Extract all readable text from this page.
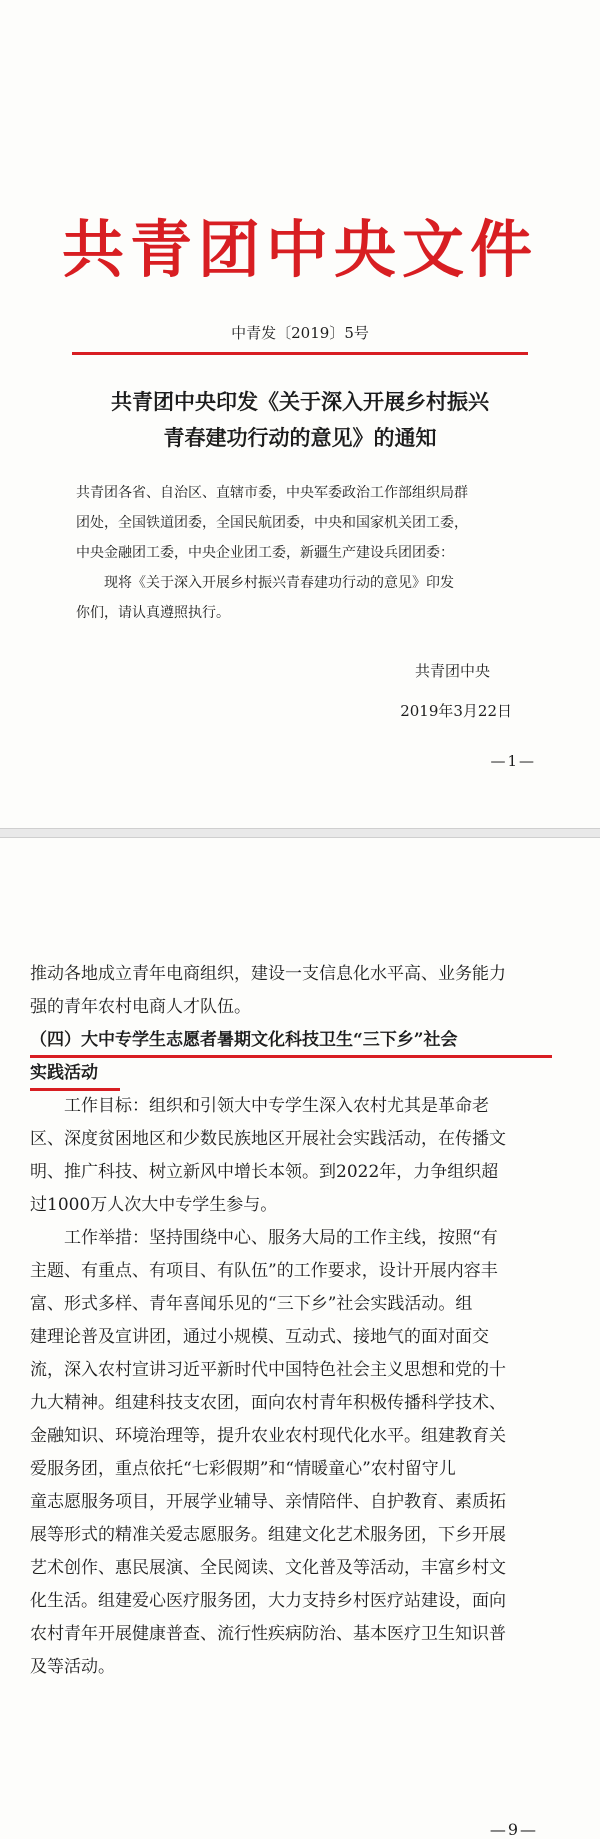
共青团中央文件
中青发〔2019〕5号
共青团中央印发《关于深入开展乡村振兴
青春建功行动的意见》的通知

共青团各省、自治区、直辖市委，中央军委政治工作部组织局群

团处，全国铁道团委，全国民航团委，中央和国家机关团工委，

中央金融团工委，中央企业团工委，新疆生产建设兵团团委：

现将《关于深入开展乡村振兴青春建功行动的意见》印发

你们，请认真遵照执行。

共青团中央
2019年3月22日
—1—

推动各地成立青年电商组织，建设一支信息化水平高、业务能力

强的青年农村电商人才队伍。

（四）大中专学生志愿者暑期文化科技卫生“三下乡”社会

实践活动

工作目标：组织和引领大中专学生深入农村尤其是革命老

区、深度贫困地区和少数民族地区开展社会实践活动，在传播文

明、推广科技、树立新风中增长本领。到2022年，力争组织超

过1000万人次大中专学生参与。

工作举措：坚持围绕中心、服务大局的工作主线，按照“有

主题、有重点、有项目、有队伍”的工作要求，设计开展内容丰

富、形式多样、青年喜闻乐见的“三下乡”社会实践活动。组

建理论普及宣讲团，通过小规模、互动式、接地气的面对面交

流，深入农村宣讲习近平新时代中国特色社会主义思想和党的十

九大精神。组建科技支农团，面向农村青年积极传播科学技术、

金融知识、环境治理等，提升农业农村现代化水平。组建教育关

爱服务团，重点依托“七彩假期”和“情暖童心”农村留守儿

童志愿服务项目，开展学业辅导、亲情陪伴、自护教育、素质拓

展等形式的精准关爱志愿服务。组建文化艺术服务团，下乡开展

艺术创作、惠民展演、全民阅读、文化普及等活动，丰富乡村文

化生活。组建爱心医疗服务团，大力支持乡村医疗站建设，面向

农村青年开展健康普查、流行性疾病防治、基本医疗卫生知识普

及等活动。

—9—
